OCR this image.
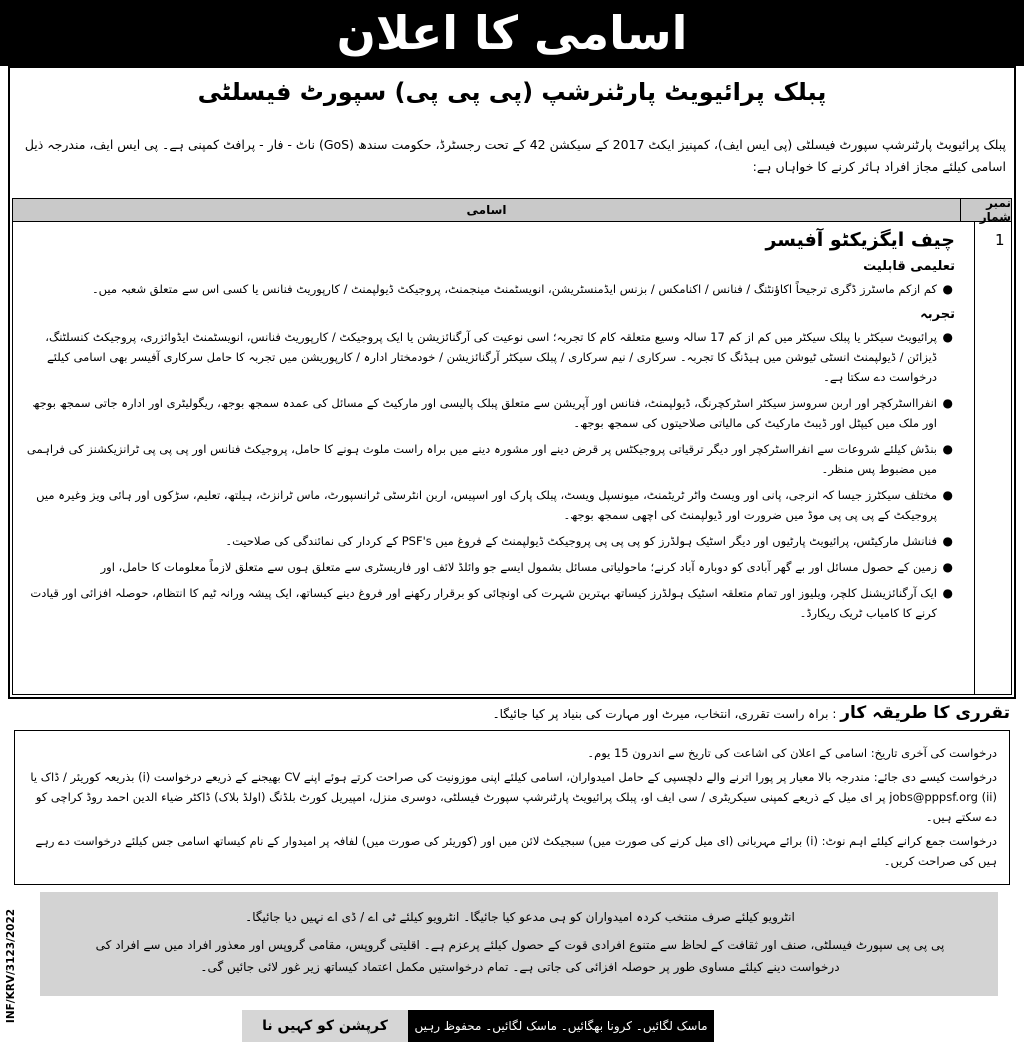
اسامی کا اعلان
پبلک پرائیویٹ پارٹنرشپ (پی پی پی) سپورٹ فیسلٹی
پبلک پرائیویٹ پارٹنرشپ سپورٹ فیسلٹی (پی ایس ایف)، کمپنیز ایکٹ 2017 کے سیکشن 42 کے تحت رجسٹرڈ، حکومت سندھ (GoS) ناٹ - فار - پرافٹ کمپنی ہے۔ پی ایس ایف، مندرجہ ذیل اسامی کیلئے مجاز افراد ہائر کرنے کا خواہاں ہے:
نمبر شمار
اسامی
1
چیف ایگزیکٹو آفیسر
تعلیمی قابلیت
●
کم ازکم ماسٹرز ڈگری ترجیحاً اکاؤنٹنگ / فنانس / اکنامکس / بزنس ایڈمنسٹریشن، انویسٹمنٹ مینجمنٹ، پروجیکٹ ڈیولپمنٹ / کارپوریٹ فنانس یا کسی اس سے متعلق شعبہ میں۔
تجربہ
●
پرائیویٹ سیکٹر یا پبلک سیکٹر میں کم از کم 17 سالہ وسیع متعلقہ کام کا تجربہ؛ اسی نوعیت کی آرگنائزیشن یا ایک پروجیکٹ / کارپوریٹ فنانس، انویسٹمنٹ ایڈوائزری، پروجیکٹ کنسلٹنگ، ڈیزائن / ڈیولپمنٹ انسٹی ٹیوشن میں ہیڈنگ کا تجربہ۔ سرکاری / نیم سرکاری / پبلک سیکٹر آرگنائزیشن / خودمختار ادارہ / کارپوریشن میں تجربہ کا حامل سرکاری آفیسر بھی اسامی کیلئے درخواست دے سکتا ہے۔
●
انفرااسٹرکچر اور اربن سروسز سیکٹر اسٹرکچرنگ، ڈیولپمنٹ، فنانس اور آپریشن سے متعلق پبلک پالیسی اور مارکیٹ کے مسائل کی عمدہ سمجھ بوجھ، ریگولیٹری اور ادارہ جاتی سمجھ بوجھ اور ملک میں کیپٹل اور ڈیبٹ مارکیٹ کی مالیاتی صلاحیتوں کی سمجھ بوجھ۔
●
بنڈش کیلئے شروعات سے انفرااسٹرکچر اور دیگر ترقیاتی پروجیکٹس پر قرض دینے اور مشورہ دینے میں براہ راست ملوث ہونے کا حامل، پروجیکٹ فنانس اور پی پی پی ٹرانزیکشنز کی فراہمی میں مضبوط پس منظر۔
●
مختلف سیکٹرز جیسا کہ انرجی، پانی اور ویسٹ واٹر ٹریٹمنٹ، میونسپل ویسٹ، پبلک پارک اور اسپیس، اربن انٹرسٹی ٹرانسپورٹ، ماس ٹرانزٹ، ہیلتھ، تعلیم، سڑکوں اور ہائی ویز وغیرہ میں پروجیکٹ کے پی پی پی موڈ میں ضرورت اور ڈیولپمنٹ کی اچھی سمجھ بوجھ۔
●
فنانشل مارکیٹس، پرائیویٹ پارٹیوں اور دیگر اسٹیک ہولڈرز کو پی پی پی پروجیکٹ ڈیولپمنٹ کے فروغ میں PSF's کے کردار کی نمائندگی کی صلاحیت۔
●
زمین کے حصول مسائل اور بے گھر آبادی کو دوبارہ آباد کرنے؛ ماحولیاتی مسائل بشمول ایسے جو وائلڈ لائف اور فاریسٹری سے متعلق ہوں سے متعلق لازماً معلومات کا حامل، اور
●
ایک آرگنائزیشنل کلچر، ویلیوز اور تمام متعلقہ اسٹیک ہولڈرز کیساتھ بہترین شہرت کی اونچائی کو برقرار رکھنے اور فروغ دینے کیساتھ، ایک پیشہ ورانہ ٹیم کا انتظام، حوصلہ افزائی اور قیادت کرنے کا کامیاب ٹریک ریکارڈ۔
تقرری کا طریقہ کار : براہ راست تقرری، انتخاب، میرٹ اور مہارت کی بنیاد پر کیا جائیگا۔

درخواست کی آخری تاریخ: اسامی کے اعلان کی اشاعت کی تاریخ سے اندرون 15 یوم۔

درخواست کیسے دی جائے: مندرجہ بالا معیار پر پورا اترنے والے دلچسپی کے حامل امیدواران، اسامی کیلئے اپنی موزونیت کی صراحت کرتے ہوئے اپنے CV بھیجنے کے ذریعے درخواست (i) بذریعہ کوریئر / ڈاک یا (ii) jobs@pppsf.org پر ای میل کے ذریعے کمپنی سیکریٹری / سی ایف او، پبلک پرائیویٹ پارٹنرشپ سپورٹ فیسلٹی، دوسری منزل، امپیریل کورٹ بلڈنگ (اولڈ بلاک) ڈاکٹر ضیاء الدین احمد روڈ کراچی کو دے سکتے ہیں۔

درخواست جمع کرانے کیلئے اہم نوٹ: (i) برائے مہربانی (ای میل کرنے کی صورت میں) سبجیکٹ لائن میں اور (کوریئر کی صورت میں) لفافہ پر امیدوار کے نام کیساتھ اسامی جس کیلئے درخواست دے رہے ہیں کی صراحت کریں۔

انٹرویو کیلئے صرف منتخب کردہ امیدواران کو ہی مدعو کیا جائیگا۔ انٹرویو کیلئے ٹی اے / ڈی اے نہیں دیا جائیگا۔

پی پی پی سپورٹ فیسلٹی، صنف اور ثقافت کے لحاظ سے متنوع افرادی قوت کے حصول کیلئے پرعزم ہے۔ اقلیتی گروپس، مقامی گروپس اور معذور افراد میں سے افراد کی درخواست دینے کیلئے مساوی طور پر حوصلہ افزائی کی جاتی ہے۔ تمام درخواستیں مکمل اعتماد کیساتھ زیر غور لائی جائیں گی۔

INF/KRV/3123/2022
ماسک لگائیں۔ کرونا بھگائیں۔ ماسک لگائیں۔ محفوظ رہیں
کرپشن کو کہیں نا
